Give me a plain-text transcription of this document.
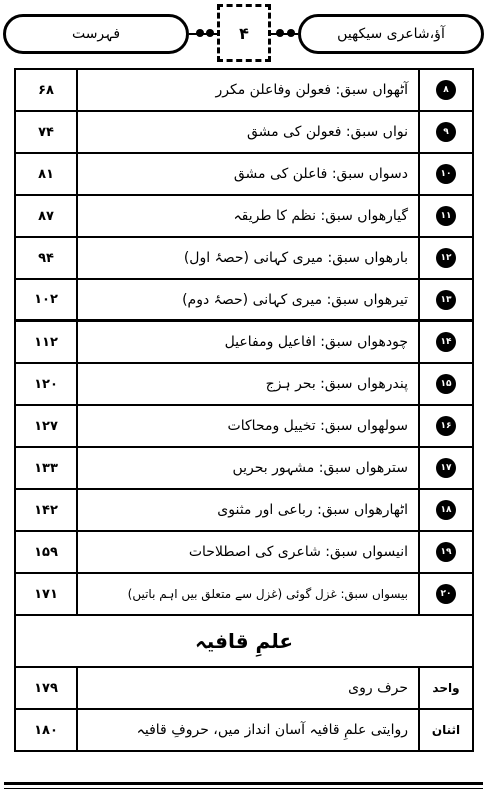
فہرست	۴	آؤ،شاعری سیکھیں
۶۸	آٹھواں سبق: فعولن وفاعلن مکرر	۸
۷۴	نواں سبق: فعولن کی مشق	۹
۸۱	دسواں سبق: فاعلن کی مشق	۱۰
۸۷	گیارھواں سبق: نظم کا طریقہ	۱۱
۹۴	بارھواں سبق: میری کہانی (حصۂ اول)	۱۲
۱۰۲	تیرھواں سبق: میری کہانی (حصۂ دوم)	۱۳
۱۱۲	چودھواں سبق: افاعیل ومفاعیل	۱۴
۱۲۰	پندرھواں سبق: بحر ہزج	۱۵
۱۲۷	سولھواں سبق: تخییل ومحاکات	۱۶
۱۳۳	سترھواں سبق: مشہور بحریں	۱۷
۱۴۲	اٹھارھواں سبق: رباعی اور مثنوی	۱۸
۱۵۹	انیسواں سبق: شاعری کی اصطلاحات	۱۹
۱۷۱	بیسواں سبق: غزل گوئی (غزل سے متعلق بیں اہم باتیں)	۲۰
علمِ قافیہ
۱۷۹	حرف روی	واحد
۱۸۰	روایتی علمِ قافیہ آسان انداز میں، حروفِ قافیہ	اثنان
